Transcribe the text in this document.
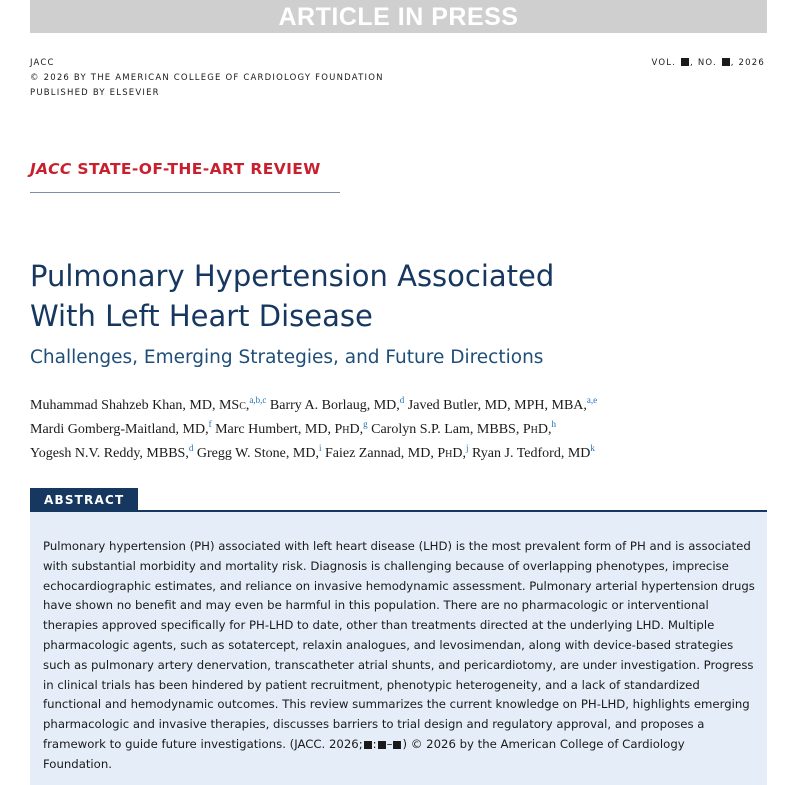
ARTICLE IN PRESS
JACC
© 2026 BY THE AMERICAN COLLEGE OF CARDIOLOGY FOUNDATION
PUBLISHED BY ELSEVIER
VOL. , NO. , 2026
JACC STATE-OF-THE-ART REVIEW
Pulmonary Hypertension Associated
With Left Heart Disease
Challenges, Emerging Strategies, and Future Directions
Muhammad Shahzeb Khan, MD, MSc,$^{a,b,c}$ Barry A. Borlaug, MD,$^d$ Javed Butler, MD, MPH, MBA,$^{a,e}$
Mardi Gomberg-Maitland, MD,$^f$ Marc Humbert, MD, PhD,$^g$ Carolyn S.P. Lam, MBBS, PhD,$^h$
Yogesh N.V. Reddy, MBBS,$^d$ Gregg W. Stone, MD,$^i$ Faiez Zannad, MD, PhD,$^j$ Ryan J. Tedford, $MD^k$
ABSTRACT

Pulmonary hypertension (PH) associated with left heart disease (LHD) is the most prevalent form of PH and is associated with substantial morbidity and mortality risk. Diagnosis is challenging because of overlapping phenotypes, imprecise echocardiographic estimates, and reliance on invasive hemodynamic assessment. Pulmonary arterial hypertension drugs have shown no benefit and may even be harmful in this population. There are no pharmacologic or interventional therapies approved specifically for PH-LHD to date, other than treatments directed at the underlying LHD. Multiple pharmacologic agents, such as sotatercept, relaxin analogues, and levosimendan, along with device-based strategies such as pulmonary artery denervation, transcatheter atrial shunts, and pericardiotomy, are under investigation. Progress in clinical trials has been hindered by patient recruitment, phenotypic heterogeneity, and a lack of standardized functional and hemodynamic outcomes. This review summarizes the current knowledge on PH-LHD, highlights emerging pharmacologic and invasive therapies, discusses barriers to trial design and regulatory approval, and proposes a framework to guide future investigations. (JACC. 2026; : – ) © 2026 by the American College of Cardiology Foundation.
